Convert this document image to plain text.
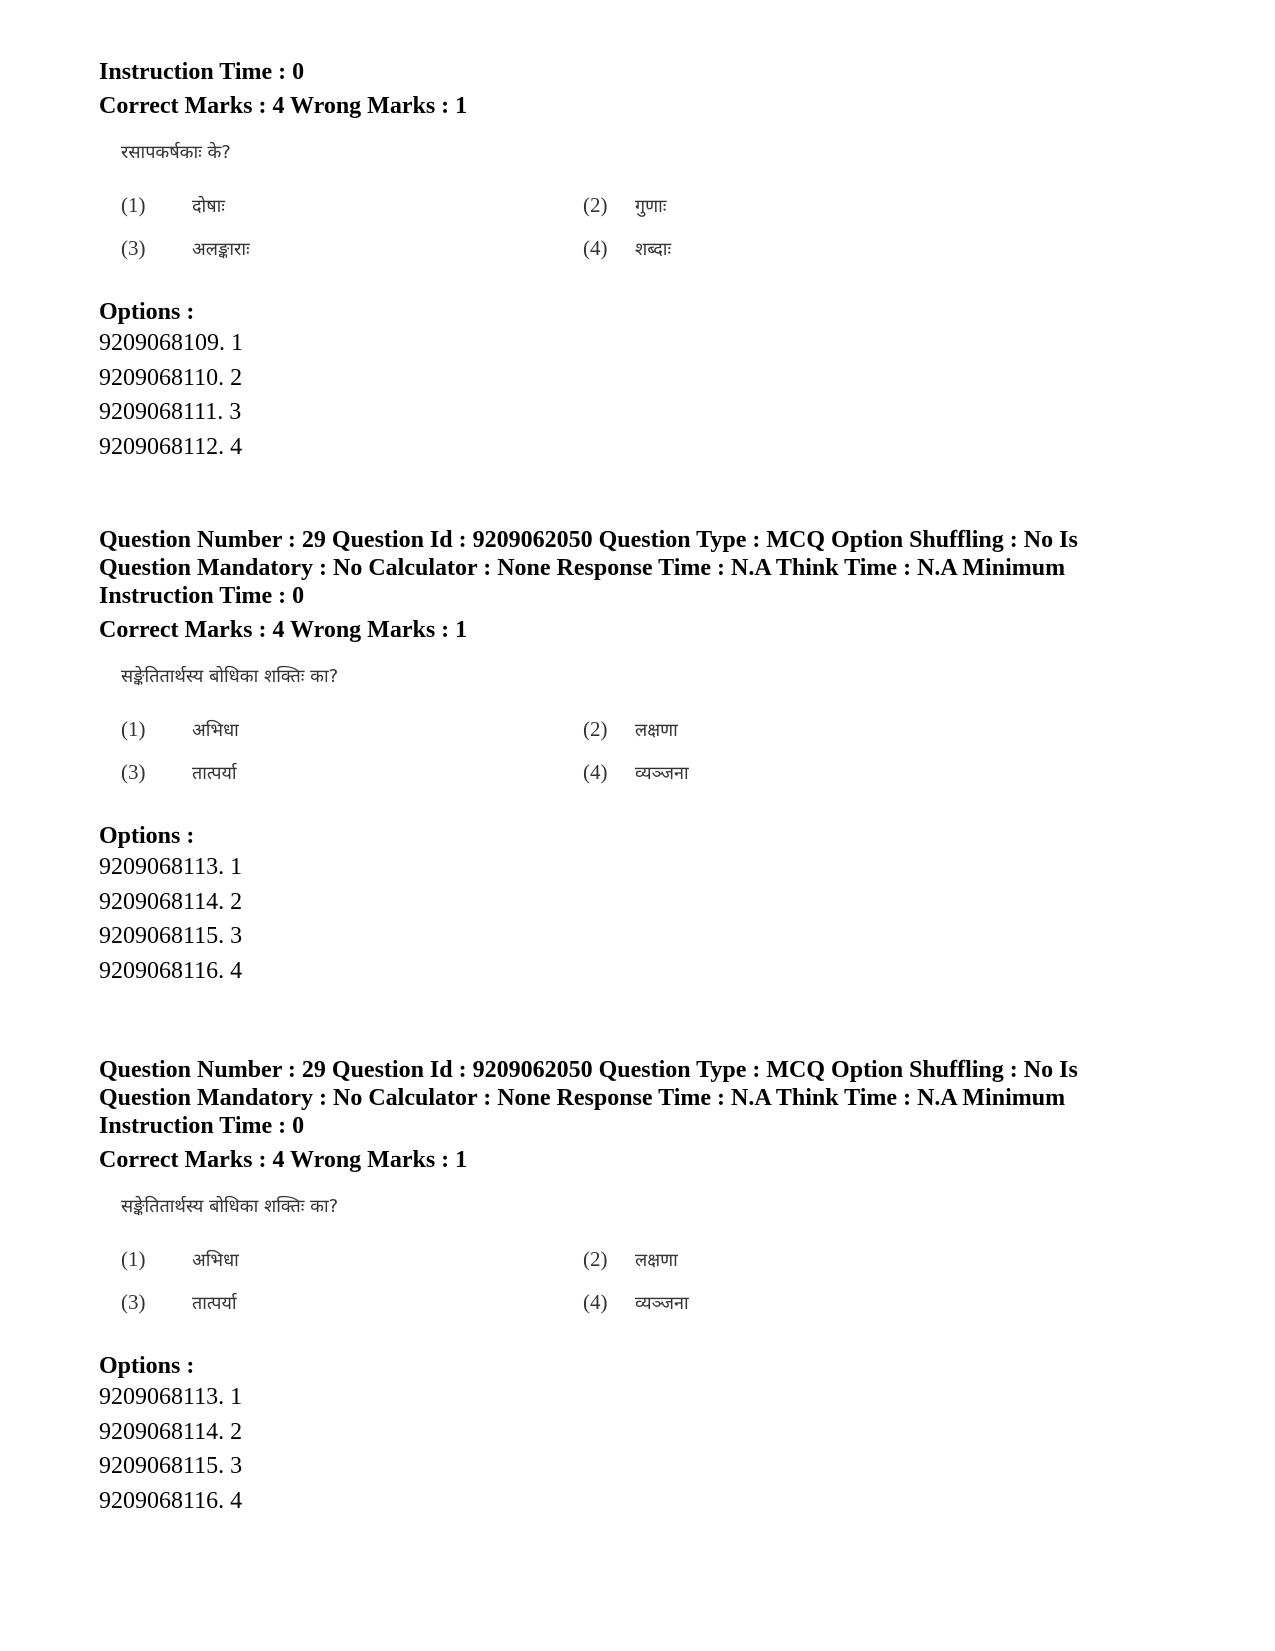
Instruction Time : 0
Correct Marks : 4 Wrong Marks : 1
रसापकर्षकाः के?
(1)	दोषाः	(2)	गुणाः
(3)	अलङ्काराः	(4)	शब्दाः
Options :
9209068109. 1
9209068110. 2
9209068111. 3
9209068112. 4
Question Number : 29 Question Id : 9209062050 Question Type : MCQ Option Shuffling : No Is
Question Mandatory : No Calculator : None Response Time : N.A Think Time : N.A Minimum
Instruction Time : 0
Correct Marks : 4 Wrong Marks : 1
सङ्केतितार्थस्य बोधिका शक्तिः का?
(1)	अभिधा	(2)	लक्षणा
(3)	तात्पर्या	(4)	व्यञ्जना
Options :
9209068113. 1
9209068114. 2
9209068115. 3
9209068116. 4
Question Number : 29 Question Id : 9209062050 Question Type : MCQ Option Shuffling : No Is
Question Mandatory : No Calculator : None Response Time : N.A Think Time : N.A Minimum
Instruction Time : 0
Correct Marks : 4 Wrong Marks : 1
सङ्केतितार्थस्य बोधिका शक्तिः का?
(1)	अभिधा	(2)	लक्षणा
(3)	तात्पर्या	(4)	व्यञ्जना
Options :
9209068113. 1
9209068114. 2
9209068115. 3
9209068116. 4
